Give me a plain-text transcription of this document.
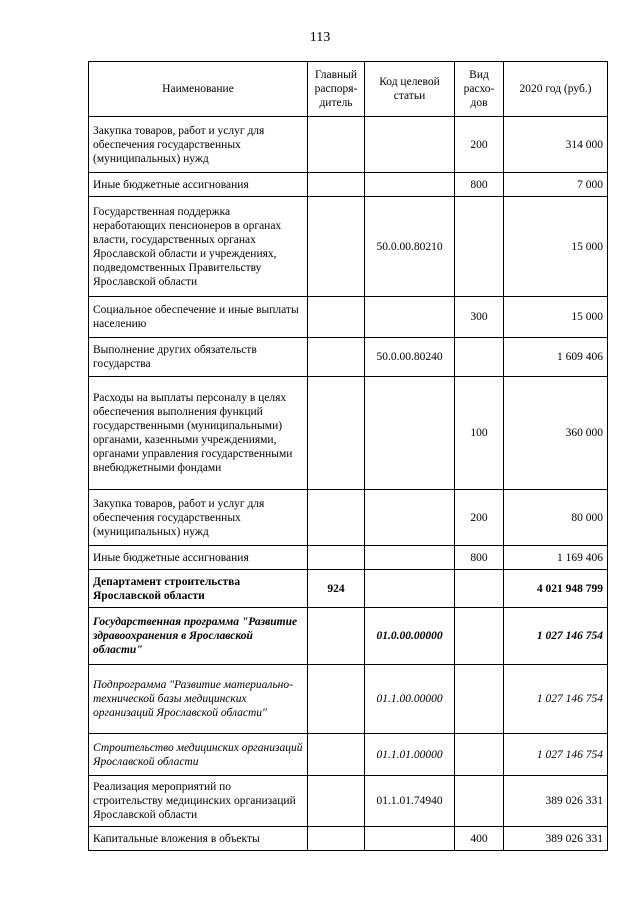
113
Наименование	Главный распоря-дитель	Код целевой статьи	Вид расхо-дов	2020 год (руб.)
Закупка товаров, работ и услуг для обеспечения государственных (муниципальных) нужд			200	314 000
Иные бюджетные ассигнования			800	7 000
Государственная поддержка неработающих пенсионеров в органах власти, государственных органах Ярославской области и учреждениях, подведомственных Правительству Ярославской области		50.0.00.80210		15 000
Социальное обеспечение и иные выплаты населению			300	15 000
Выполнение других обязательств государства		50.0.00.80240		1 609 406
Расходы на выплаты персоналу в целях обеспечения выполнения функций государственными (муниципальными) органами, казенными учреждениями, органами управления государственными внебюджетными фондами			100	360 000
Закупка товаров, работ и услуг для обеспечения государственных (муниципальных) нужд			200	80 000
Иные бюджетные ассигнования			800	1 169 406
Департамент строительства Ярославской области	924			4 021 948 799
Государственная программа "Развитие здравоохранения в Ярославской области"		01.0.00.00000		1 027 146 754
Подпрограмма "Развитие материально-технической базы медицинских организаций Ярославской области"		01.1.00.00000		1 027 146 754
Строительство медицинских организаций Ярославской области		01.1.01.00000		1 027 146 754
Реализация мероприятий по строительству медицинских организаций Ярославской области		01.1.01.74940		389 026 331
Капитальные вложения в объекты			400	389 026 331
